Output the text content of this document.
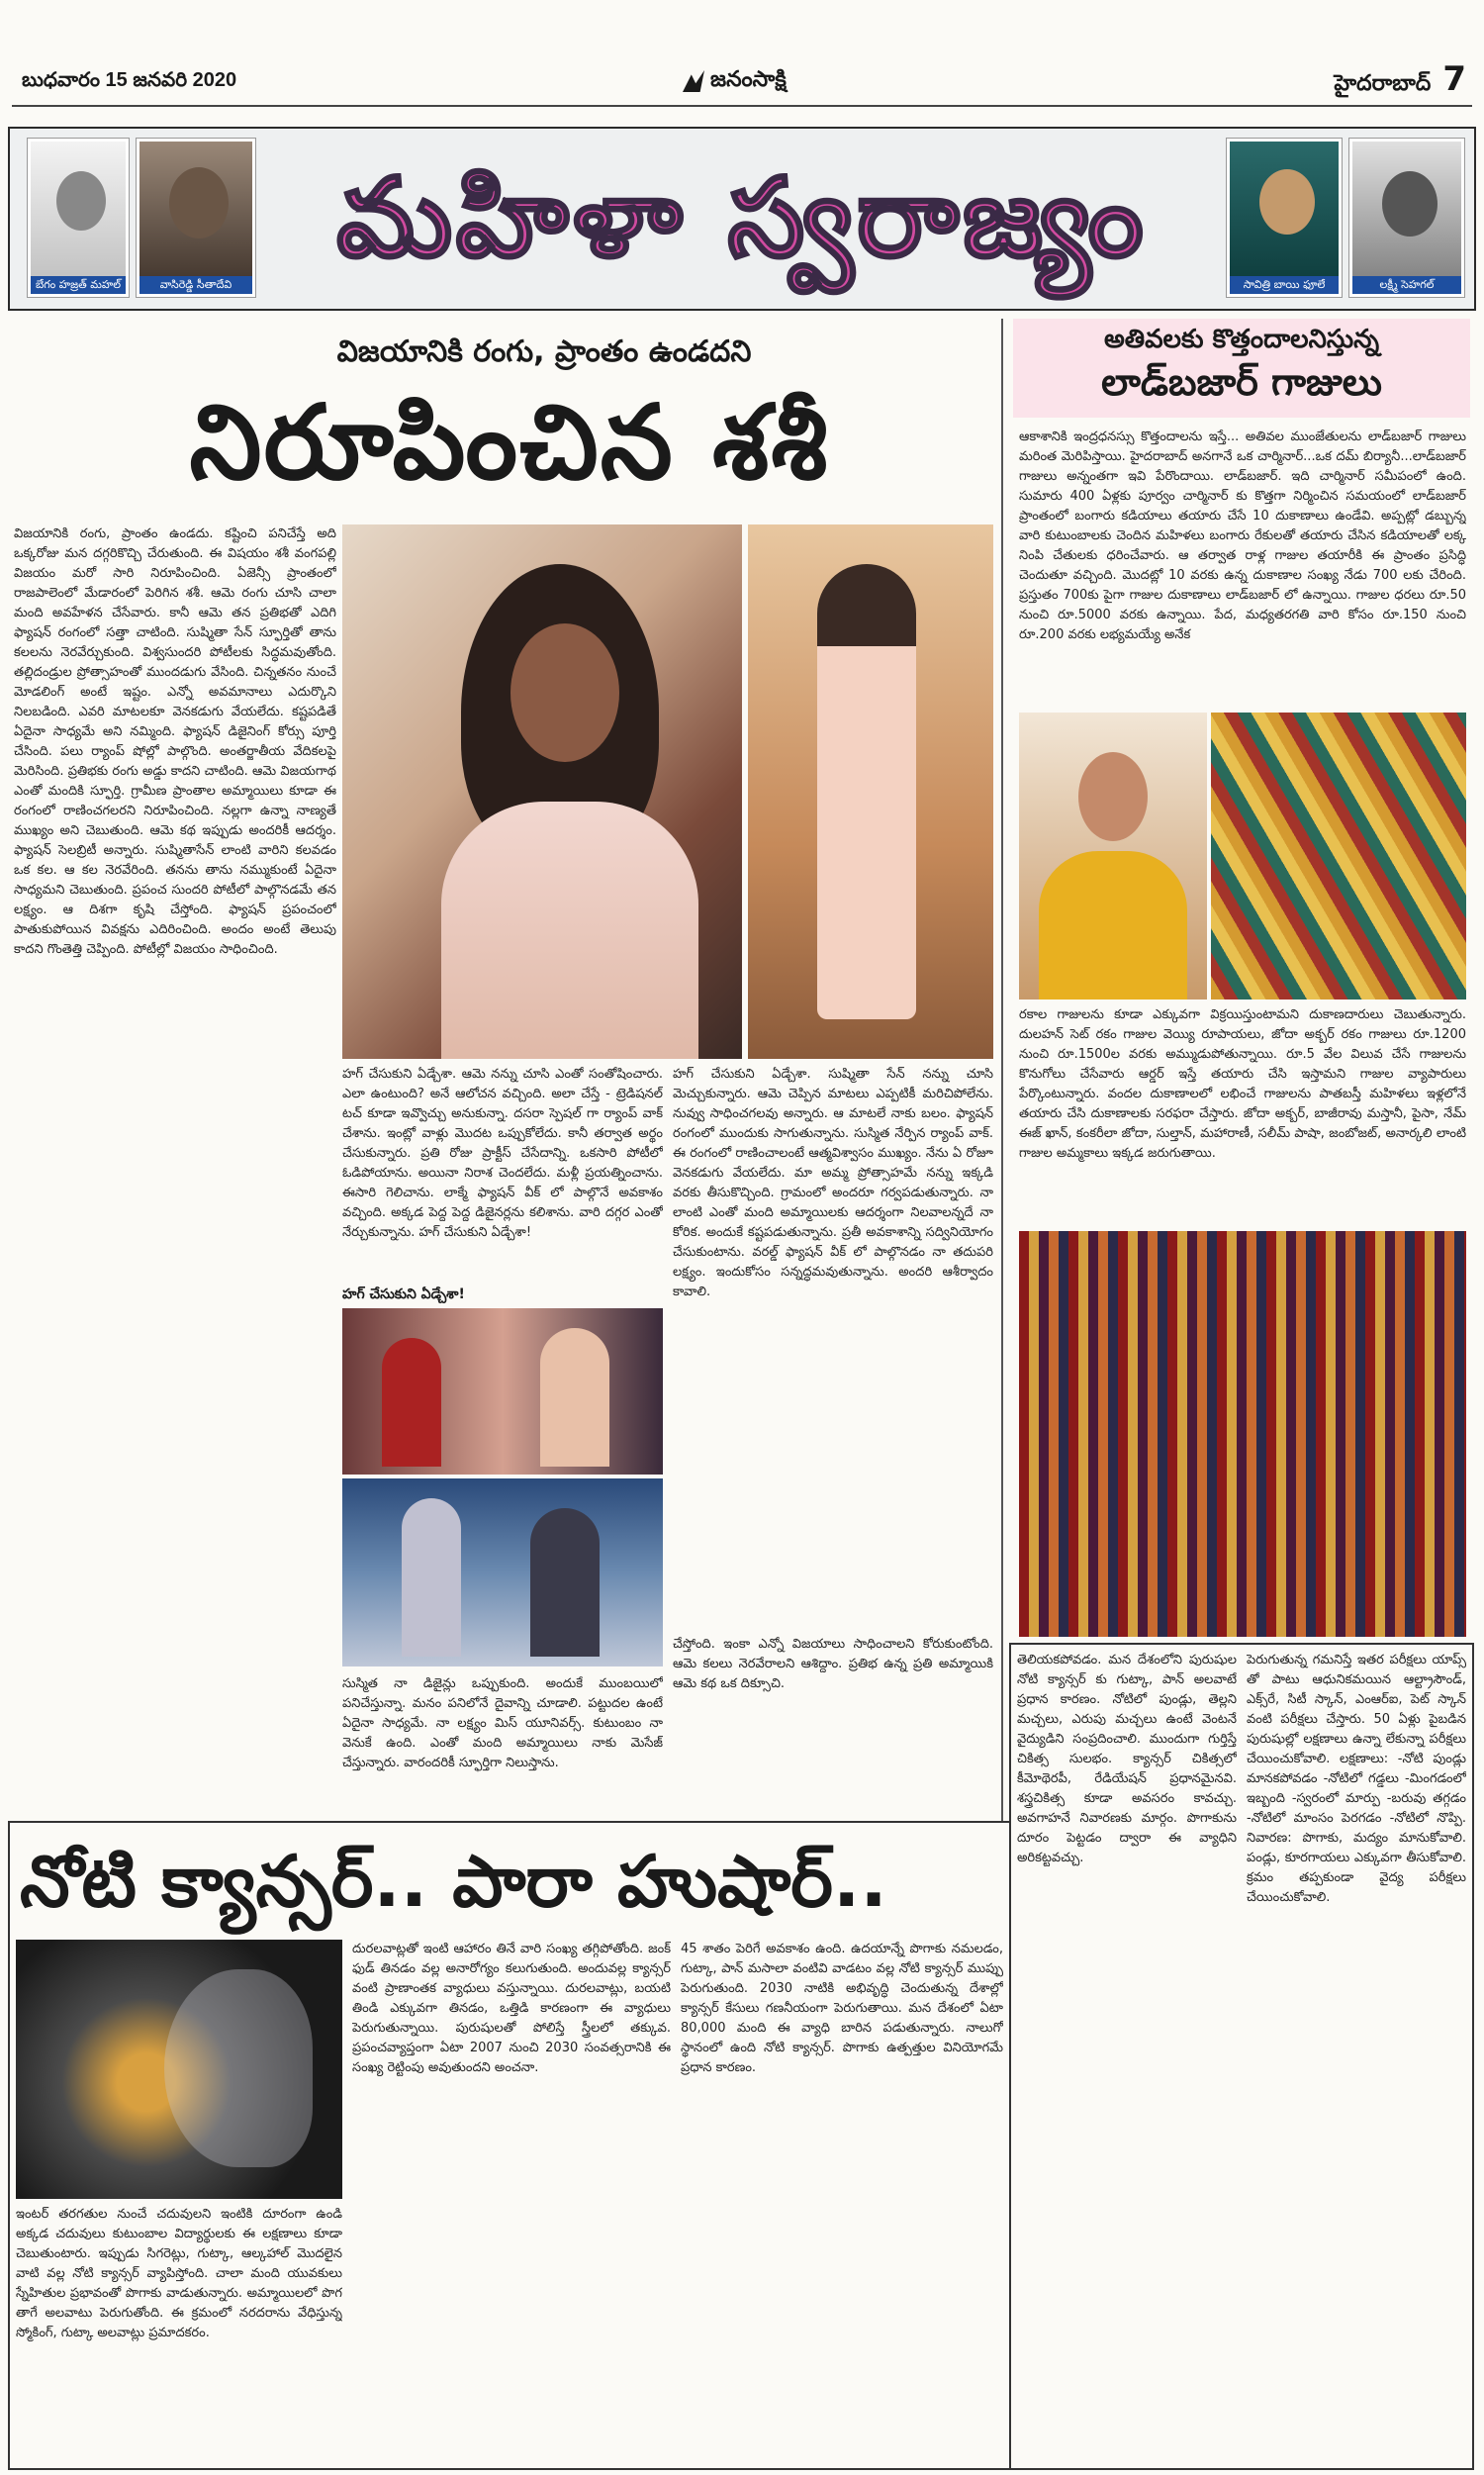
బుధవారం 15 జనవరి 2020	జనంసాక్షి	హైదరాబాద్ 7
బేగం హజ్రత్ మహల్	వాసిరెడ్డి సీతాదేవి
మహిళా స్వరాజ్యం
సావిత్రి బాయి ఫూలే	లక్ష్మీ సెహగల్
విజయానికి రంగు, ప్రాంతం ఉండదని
నిరూపించిన శశీ
విజయానికి రంగు, ప్రాంతం ఉండదు. కష్టించి పనిచేస్తే అది ఒక్కరోజు మన దగ్గరికొచ్చి చేరుతుంది. ఈ విషయం శశీ వంగపల్లి విజయం మరో సారి నిరూపించింది. ఏజెన్సీ ప్రాంతంలో రాజపాలెంలో మేడారంలో పెరిగిన శశీ. ఆమె రంగు చూసి చాలా మంది అవహేళన చేసేవారు. కానీ ఆమె తన ప్రతిభతో ఎదిగి ఫ్యాషన్ రంగంలో సత్తా చాటింది. సుష్మితా సేన్ స్ఫూర్తితో తాను కలలను నెరవేర్చుకుంది. విశ్వసుందరి పోటీలకు సిద్ధమవుతోంది. తల్లిదండ్రుల ప్రోత్సాహంతో ముందడుగు వేసింది. చిన్నతనం నుంచే మోడలింగ్ అంటే ఇష్టం. ఎన్నో అవమానాలు ఎదుర్కొని నిలబడింది. ఎవరి మాటలకూ వెనకడుగు వేయలేదు. కష్టపడితే ఏదైనా సాధ్యమే అని నమ్మింది. ఫ్యాషన్ డిజైనింగ్ కోర్సు పూర్తి చేసింది. పలు ర్యాంప్ షోల్లో పాల్గొంది. అంతర్జాతీయ వేదికలపై మెరిసింది. ప్రతిభకు రంగు అడ్డు కాదని చాటింది. ఆమె విజయగాథ ఎంతో మందికి స్ఫూర్తి. గ్రామీణ ప్రాంతాల అమ్మాయిలు కూడా ఈ రంగంలో రాణించగలరని నిరూపించింది. నల్లగా ఉన్నా నాణ్యతే ముఖ్యం అని చెబుతుంది. ఆమె కథ ఇప్పుడు అందరికీ ఆదర్శం. ఫ్యాషన్ సెలబ్రిటీ అన్నారు. సుష్మితాసేన్ లాంటి వారిని కలవడం ఒక కల. ఆ కల నెరవేరింది. తనను తాను నమ్ముకుంటే ఏదైనా సాధ్యమని చెబుతుంది. ప్రపంచ సుందరి పోటీలో పాల్గొనడమే తన లక్ష్యం. ఆ దిశగా కృషి చేస్తోంది. ఫ్యాషన్ ప్రపంచంలో పాతుకుపోయిన వివక్షను ఎదిరించింది. అందం అంటే తెలుపు కాదని గొంతెత్తి చెప్పింది. పోటీల్లో విజయం సాధించింది.
హగ్ చేసుకుని ఏడ్చేశా. ఆమె నన్ను చూసి ఎంతో సంతోషించారు. ఎలా ఉంటుంది? అనే ఆలోచన వచ్చింది. అలా చేస్తే - ట్రెడిషనల్ టచ్ కూడా ఇవ్వొచ్చు అనుకున్నా. దసరా స్పెషల్ గా ర్యాంప్ వాక్ చేశాను. ఇంట్లో వాళ్లు మొదట ఒప్పుకోలేదు. కానీ తర్వాత అర్థం చేసుకున్నారు. ప్రతి రోజు ప్రాక్టీస్ చేసేదాన్ని. ఒకసారి పోటీలో ఓడిపోయాను. అయినా నిరాశ చెందలేదు. మళ్లీ ప్రయత్నించాను. ఈసారి గెలిచాను. లాక్మే ఫ్యాషన్ వీక్ లో పాల్గొనే అవకాశం వచ్చింది. అక్కడ పెద్ద పెద్ద డిజైనర్లను కలిశాను. వారి దగ్గర ఎంతో నేర్చుకున్నాను. హగ్ చేసుకుని ఏడ్చేశా!
హగ్ చేసుకుని ఏడ్చేశా!
హగ్ చేసుకుని ఏడ్చేశా. సుష్మితా సేన్ నన్ను చూసి మెచ్చుకున్నారు. ఆమె చెప్పిన మాటలు ఎప్పటికీ మరిచిపోలేను. నువ్వు సాధించగలవు అన్నారు. ఆ మాటలే నాకు బలం. ఫ్యాషన్ రంగంలో ముందుకు సాగుతున్నాను. సుస్మిత నేర్పిన ర్యాంప్ వాక్. ఈ రంగంలో రాణించాలంటే ఆత్మవిశ్వాసం ముఖ్యం. నేను ఏ రోజూ వెనకడుగు వేయలేదు. మా అమ్మ ప్రోత్సాహమే నన్ను ఇక్కడి వరకు తీసుకొచ్చింది. గ్రామంలో అందరూ గర్వపడుతున్నారు. నా లాంటి ఎంతో మంది అమ్మాయిలకు ఆదర్శంగా నిలవాలన్నదే నా కోరిక. అందుకే కష్టపడుతున్నాను. ప్రతీ అవకాశాన్ని సద్వినియోగం చేసుకుంటాను. వరల్డ్ ఫ్యాషన్ వీక్ లో పాల్గొనడం నా తదుపరి లక్ష్యం. ఇందుకోసం సన్నద్ధమవుతున్నాను. అందరి ఆశీర్వాదం కావాలి.
సుస్మిత నా డిజైన్లు ఒప్పుకుంది. అందుకే ముంబయిలో పనిచేస్తున్నా. మనం పనిలోనే దైవాన్ని చూడాలి. పట్టుదల ఉంటే ఏదైనా సాధ్యమే. నా లక్ష్యం మిస్ యూనివర్స్. కుటుంబం నా వెనుకే ఉంది. ఎంతో మంది అమ్మాయిలు నాకు మెసేజ్ చేస్తున్నారు. వారందరికీ స్ఫూర్తిగా నిలుస్తాను.
చేస్తోంది. ఇంకా ఎన్నో విజయాలు సాధించాలని కోరుకుంటోంది. ఆమె కలలు నెరవేరాలని ఆశిద్దాం. ప్రతిభ ఉన్న ప్రతి అమ్మాయికి ఆమె కథ ఒక దిక్సూచి.
అతివలకు కొత్తందాలనిస్తున్న
లాడ్‌బజార్ గాజులు
ఆకాశానికి ఇంద్రధనస్సు కొత్తందాలను ఇస్తే... అతివల ముంజేతులను లాడ్‌బజార్ గాజులు మరింత మెరిపిస్తాయి. హైదరాబాద్ అనగానే ఒక చార్మినార్...ఒక దమ్ బిర్యానీ...లాడ్‌బజార్ గాజులు అన్నంతగా ఇవి పేరొందాయి. లాడ్‌బజార్. ఇది చార్మినార్ సమీపంలో ఉంది. సుమారు 400 ఏళ్లకు పూర్వం చార్మినార్ కు కొత్తగా నిర్మించిన సమయంలో లాడ్‌బజార్ ప్రాంతంలో బంగారు కడియాలు తయారు చేసే 10 దుకాణాలు ఉండేవి. అప్పట్లో డబ్బున్న వారి కుటుంబాలకు చెందిన మహిళలు బంగారు రేకులతో తయారు చేసిన కడియాలతో లక్క నింపి చేతులకు ధరించేవారు. ఆ తర్వాత రాళ్ల గాజుల తయారీకి ఈ ప్రాంతం ప్రసిద్ధి చెందుతూ వచ్చింది. మొదట్లో 10 వరకు ఉన్న దుకాణాల సంఖ్య నేడు 700 లకు చేరింది. ప్రస్తుతం 700కు పైగా గాజుల దుకాణాలు లాడ్‌బజార్ లో ఉన్నాయి. గాజుల ధరలు రూ.50 నుంచి రూ.5000 వరకు ఉన్నాయి. పేద, మధ్యతరగతి వారి కోసం రూ.150 నుంచి రూ.200 వరకు లభ్యమయ్యే అనేక
రకాల గాజులను కూడా ఎక్కువగా విక్రయిస్తుంటామని దుకాణదారులు చెబుతున్నారు. దులహన్ సెట్ రకం గాజుల వెయ్యి రూపాయలు, జోదా అక్బర్ రకం గాజులు రూ.1200 నుంచి రూ.1500ల వరకు అమ్ముడుపోతున్నాయి. రూ.5 వేల విలువ చేసే గాజులను కొనుగోలు చేసేవారు ఆర్డర్ ఇస్తే తయారు చేసి ఇస్తామని గాజుల వ్యాపారులు పేర్కొంటున్నారు. వందల దుకాణాలలో లభించే గాజులను పాతబస్తీ మహిళలు ఇళ్లలోనే తయారు చేసి దుకాణాలకు సరఫరా చేస్తారు. జోదా అక్బర్, బాజీరావు మస్తానీ, పైసా, నేమ్ ఈజ్ ఖాన్, కంకరీలా జోదా, సుల్తాన్, మహారాణీ, సలీమ్ పాషా, జంబోజట్, అనార్కలి లాంటి గాజుల అమ్మకాలు ఇక్కడ జరుగుతాయి.
నోటి క్యాన్సర్.. పారా హుషార్..
ఇంటర్ తరగతుల నుంచే చదువులని ఇంటికి దూరంగా ఉండి అక్కడ చదువులు కుటుంబాల విద్యార్థులకు ఈ లక్షణాలు కూడా చెబుతుంటారు. ఇప్పుడు సిగరెట్లు, గుట్కా, ఆల్కహాల్ మొదలైన వాటి వల్ల నోటి క్యాన్సర్ వ్యాపిస్తోంది. చాలా మంది యువకులు స్నేహితుల ప్రభావంతో పొగాకు వాడుతున్నారు. అమ్మాయిలలో పొగ తాగే అలవాటు పెరుగుతోంది. ఈ క్రమంలో నరదరాను వేధిస్తున్న స్మోకింగ్, గుట్కా అలవాట్లు ప్రమాదకరం.
దురలవాట్లతో ఇంటి ఆహారం తినే వారి సంఖ్య తగ్గిపోతోంది. జంక్ ఫుడ్ తినడం వల్ల అనారోగ్యం కలుగుతుంది. అందువల్ల క్యాన్సర్ వంటి ప్రాణాంతక వ్యాధులు వస్తున్నాయి. దురలవాట్లు, బయటి తిండి ఎక్కువగా తినడం, ఒత్తిడి కారణంగా ఈ వ్యాధులు పెరుగుతున్నాయి. పురుషులతో పోలిస్తే స్త్రీలలో తక్కువ. ప్రపంచవ్యాప్తంగా ఏటా 2007 నుంచి 2030 సంవత్సరానికి ఈ సంఖ్య రెట్టింపు అవుతుందని అంచనా.
45 శాతం పెరిగే అవకాశం ఉంది. ఉదయాన్నే పొగాకు నమలడం, గుట్కా, పాన్ మసాలా వంటివి వాడటం వల్ల నోటి క్యాన్సర్ ముప్పు పెరుగుతుంది. 2030 నాటికి అభివృద్ధి చెందుతున్న దేశాల్లో క్యాన్సర్ కేసులు గణనీయంగా పెరుగుతాయి. మన దేశంలో ఏటా 80,000 మంది ఈ వ్యాధి బారిన పడుతున్నారు. నాలుగో స్థానంలో ఉంది నోటి క్యాన్సర్. పొగాకు ఉత్పత్తుల వినియోగమే ప్రధాన కారణం.
తెలియకపోవడం. మన దేశంలోని పురుషుల నోటి క్యాన్సర్ కు గుట్కా, పాన్ అలవాటే ప్రధాన కారణం. నోటిలో పుండ్లు, తెల్లని మచ్చలు, ఎరుపు మచ్చలు ఉంటే వెంటనే వైద్యుడిని సంప్రదించాలి. ముందుగా గుర్తిస్తే చికిత్స సులభం. క్యాన్సర్ చికిత్సలో కీమోథెరపీ, రేడియేషన్ ప్రధానమైనవి. శస్త్రచికిత్స కూడా అవసరం కావచ్చు. అవగాహనే నివారణకు మార్గం. పొగాకును దూరం పెట్టడం ద్వారా ఈ వ్యాధిని అరికట్టవచ్చు.
పెరుగుతున్న గమనిస్తే ఇతర పరీక్షలు యాప్స్ తో పాటు ఆధునికమయిన ఆల్ట్రాసౌండ్, ఎక్స్‌రే, సిటీ స్కాన్, ఎంఆర్ఐ, పెట్ స్కాన్ వంటి పరీక్షలు చేస్తారు. 50 ఏళ్లు పైబడిన పురుషుల్లో లక్షణాలు ఉన్నా లేకున్నా పరీక్షలు చేయించుకోవాలి. లక్షణాలు: -నోటి పుండ్లు మానకపోవడం -నోటిలో గడ్డలు -మింగడంలో ఇబ్బంది -స్వరంలో మార్పు -బరువు తగ్గడం -నోటిలో మాంసం పెరగడం -నోటిలో నొప్పి. నివారణ: పొగాకు, మద్యం మానుకోవాలి. పండ్లు, కూరగాయలు ఎక్కువగా తీసుకోవాలి. క్రమం తప్పకుండా వైద్య పరీక్షలు చేయించుకోవాలి.
